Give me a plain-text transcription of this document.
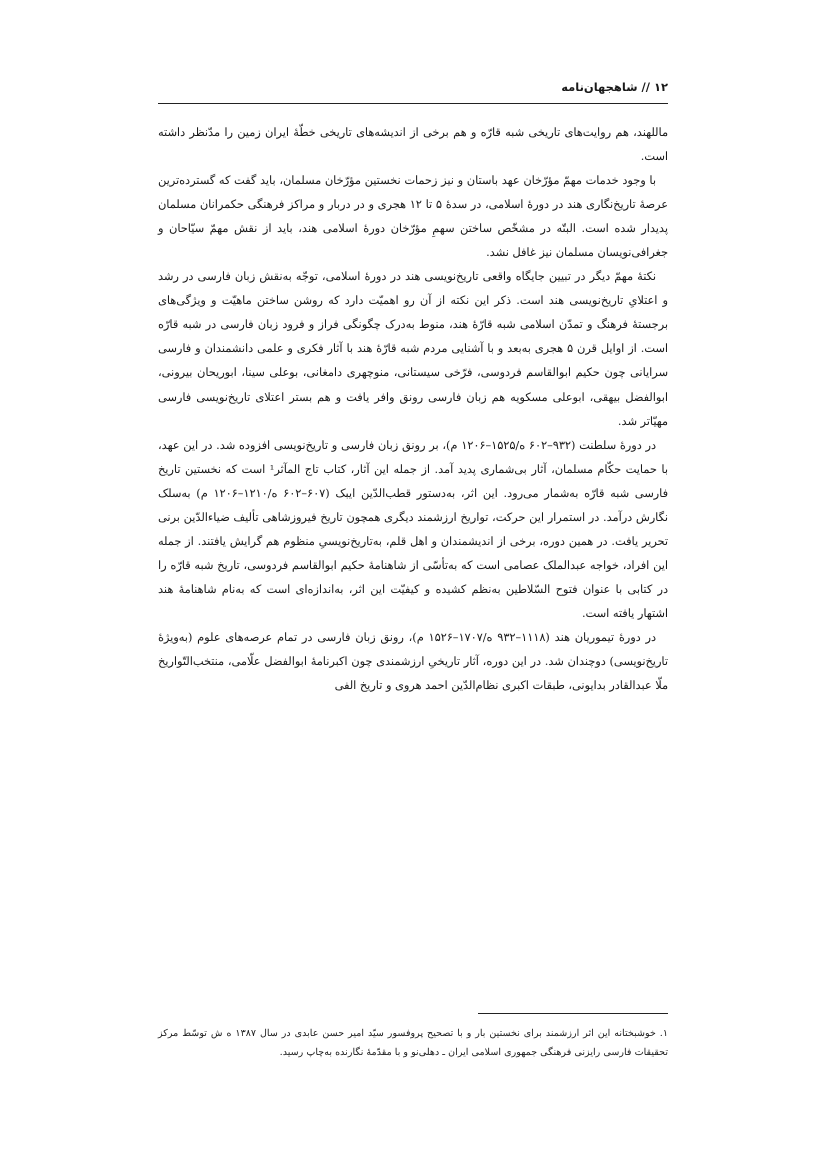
۱۲ // شاهجهان‌نامه

ماللهند، هم روایت‌های تاریخی شبه قارّه و هم برخی از اندیشه‌های تاریخی خطّهٔ ایران زمین را مدّنظر داشته است.

با وجود خدمات مهمّ مؤرّخان عهد باستان و نیز زحمات نخستین مؤرّخان مسلمان، باید گفت که گسترده‌ترین عرصهٔ تاریخ‌نگاری هند در دورهٔ اسلامی، در سدهٔ ۵ تا ۱۲ هجری و در دربار و مراکز فرهنگی حکمرانان مسلمان پدیدار شده است. البتّه در مشخّص ساختن سهمِ مؤرّخان دورهٔ اسلامی هند، باید از نقش مهمّ سیّاحان و جغرافی‌نویسان مسلمان نیز غافل نشد.

نکتهٔ مهمّ دیگر در تبیین جایگاه واقعی تاریخ‌نویسی هند در دورهٔ اسلامی، توجّه به‌نقش زبان فارسی در رشد و اعتلایِ تاریخ‌نویسی هند است. ذکر این نکته از آن رو اهمیّت دارد که روشن ساختن ماهیّت و ویژگی‌های برجستهٔ فرهنگ و تمدّن اسلامی شبه قارّهٔ هند، منوط به‌درک چگونگی فراز و فرود زبان فارسی در شبه قارّه است. از اوایل قرن ۵ هجری به‌بعد و با آشنایی مردم شبه قارّهٔ هند با آثار فکری و علمی دانشمندان و فارسی سرایانی چون حکیم ابوالقاسم فردوسی، فرّخی سیستانی، منوچهری دامغانی، بوعلی سینا، ابوریحان بیرونی، ابوالفضل بیهقی، ابوعلی مسکویه هم زبان فارسی رونق وافر یافت و هم بستر اعتلای تاریخ‌نویسی فارسی مهیّاتر شد.

در دورهٔ سلطنت (۹۳۲–۶۰۲ ه/۱۵۲۵–۱۲۰۶ م)، بر رونق زبان فارسی و تاریخ‌نویسی افزوده شد. در این عهد، با حمایت حکّام مسلمان، آثار بی‌شماری پدید آمد. از جمله این آثار، کتاب تاج المآثر¹ است که نخستین تاریخ فارسی شبه قارّه به‌شمار می‌رود. این اثر، به‌دستور قطب‌الدّین ایبک (۶۰۷–۶۰۲ ه/۱۲۱۰–۱۲۰۶ م) به‌سلک نگارش درآمد. در استمرار این حرکت، تواریخ ارزشمند دیگری همچون تاریخ فیروزشاهی تألیف ضیاءالدّین برنی تحریر یافت. در همین دوره، برخی از اندیشمندان و اهل قلم، به‌تاریخ‌نویسیِ منظوم هم گرایش یافتند. از جمله این افراد، خواجه عبدالملک عصامی است که به‌تأسّی از شاهنامهٔ حکیم ابوالقاسم فردوسی، تاریخ شبه قارّه را در کتابی با عنوان فتوح السّلاطین به‌نظم کشیده و کیفیّت این اثر، به‌اندازه‌ای است که به‌نام شاهنامهٔ هند اشتهار یافته است.

در دورهٔ تیموریان هند (۱۱۱۸–۹۳۲ ه/۱۷۰۷–۱۵۲۶ م)، رونق زبان فارسی در تمام عرصه‌های علوم (به‌ویژهٔ تاریخ‌نویسی) دوچندان شد. در این دوره، آثار تاریخیِ ارزشمندی چون اکبرنامهٔ ابوالفضل علّامی، منتخب‌التّواریخ ملّا عبدالقادر بدایونی، طبقات اکبری نظام‌الدّین احمد هروی و تاریخ الفی

۱. خوشبختانه این اثر ارزشمند برای نخستین بار و با تصحیح پروفسور سیّد امیر حسن عابدی در سال ۱۳۸۷ ه‌ ش توسّط مرکز تحقیقات فارسی رایزنی فرهنگی جمهوری اسلامی ایران ـ دهلی‌نو و با مقدّمهٔ نگارنده به‌چاپ رسید.
